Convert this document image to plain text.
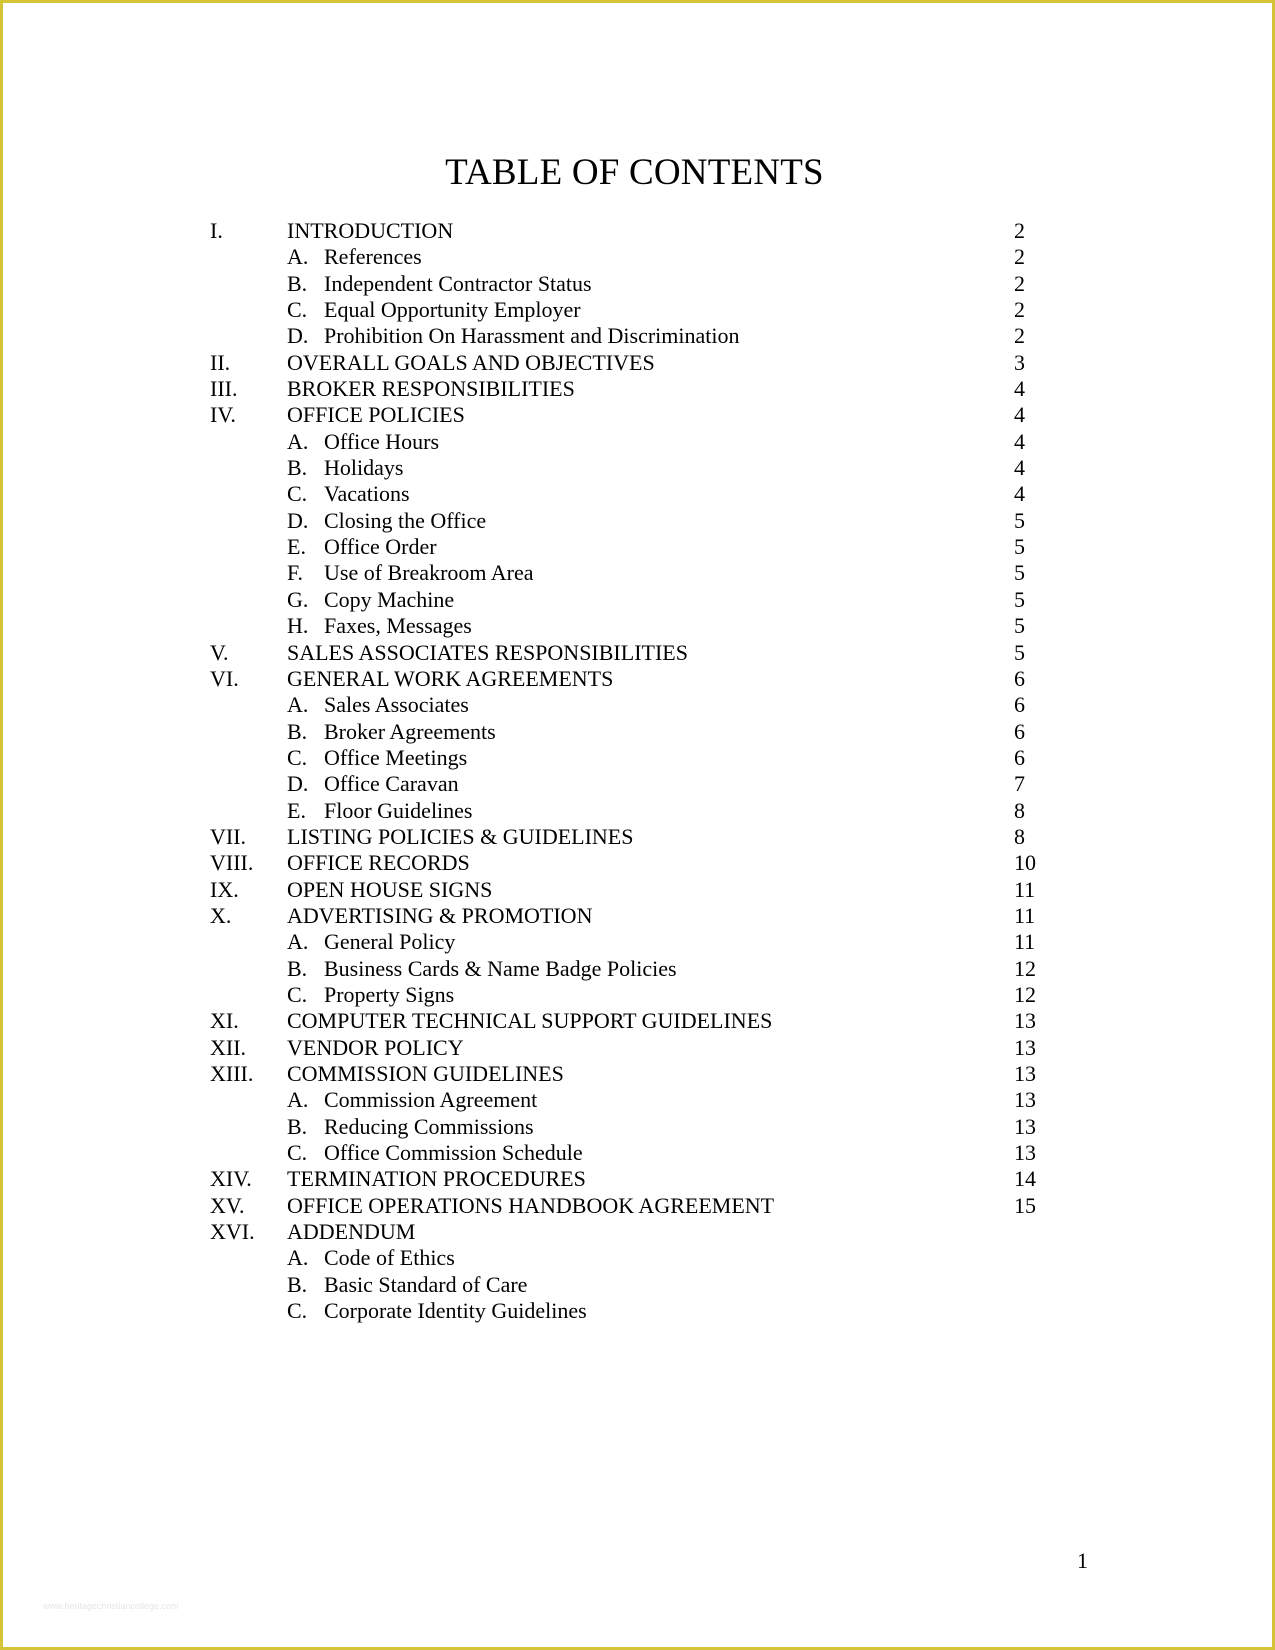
TABLE OF CONTENTS
I.	INTRODUCTION	2
A. References	2
B. Independent Contractor Status	2
C. Equal Opportunity Employer	2
D. Prohibition On Harassment and Discrimination	2
II.	OVERALL GOALS AND OBJECTIVES	3
III. BROKER RESPONSIBILITIES	4
IV. OFFICE POLICIES	4
A. Office Hours	4
B. Holidays	4
C. Vacations	4
D. Closing the Office	5
E. Office Order	5
F. Use of Breakroom Area	5
G. Copy Machine	5
H. Faxes, Messages	5
V.	SALES ASSOCIATES RESPONSIBILITIES	5
VI. GENERAL WORK AGREEMENTS	6
A. Sales Associates	6
B. Broker Agreements	6
C. Office Meetings	6
D. Office Caravan	7
E. Floor Guidelines	8
VII. LISTING POLICIES & GUIDELINES	8
VIII. OFFICE RECORDS	10
IX. OPEN HOUSE SIGNS	11
X.	ADVERTISING & PROMOTION	11
A. General Policy	11
B. Business Cards & Name Badge Policies	12
C. Property Signs	12
XI. COMPUTER TECHNICAL SUPPORT GUIDELINES	13
XII. VENDOR POLICY	13
XIII. COMMISSION GUIDELINES	13
A. Commission Agreement	13
B. Reducing Commissions	13
C. Office Commission Schedule	13
XIV. TERMINATION PROCEDURES	14
XV. OFFICE OPERATIONS HANDBOOK AGREEMENT	15
XVI. ADDENDUM
A. Code of Ethics
B. Basic Standard of Care
C. Corporate Identity Guidelines
1
www.heritagechristiancollege.com
